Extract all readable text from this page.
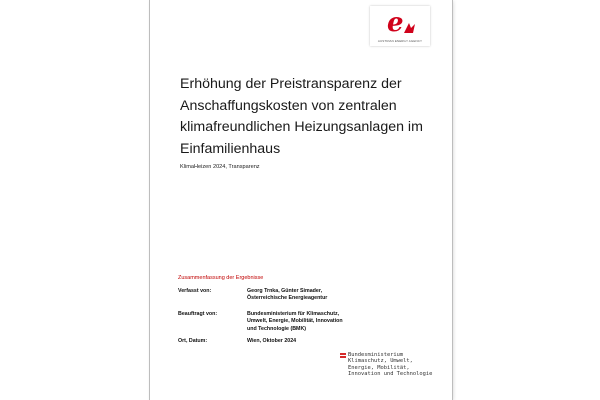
e
AUSTRIAN ENERGY AGENCY
Erhöhung der Preistransparenz der
Anschaffungskosten von zentralen
klimafreundlichen Heizungsanlagen im
Einfamilienhaus
KlimaHeizen 2024, Transparenz
Zusammenfassung der Ergebnisse
Verfasst von:	Georg Trnka, Günter Simader,
Österreichische Energieagentur
Beauftragt von:	Bundesministerium für Klimaschutz,
Umwelt, Energie, Mobilität, Innovation
und Technologie (BMK)
Ort, Datum:	Wien, Oktober 2024
Bundesministerium
Klimaschutz, Umwelt,
Energie, Mobilität,
Innovation und Technologie
